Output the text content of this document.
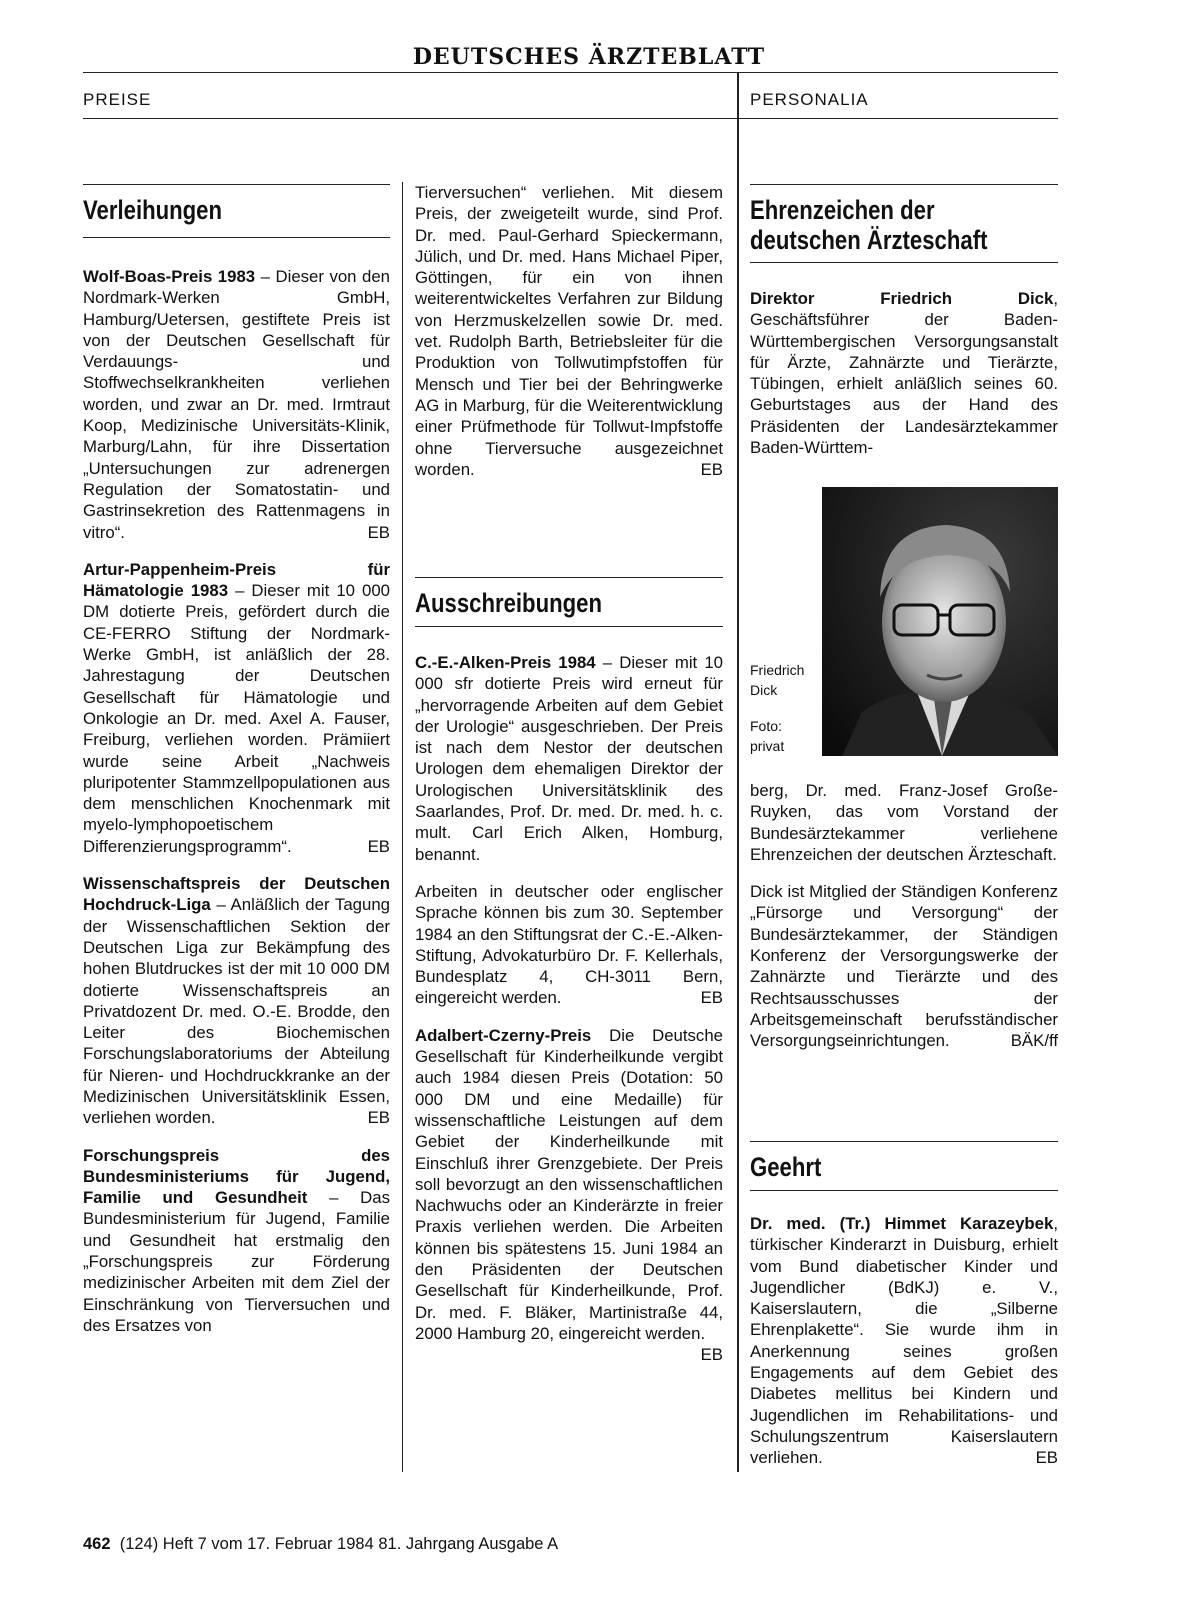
DEUTSCHES ÄRZTEBLATT
PREISE	PERSONALIA
Verleihungen

Wolf-Boas-Preis 1983 – Dieser von den Nordmark-Werken GmbH, Hamburg/Uetersen, gestiftete Preis ist von der Deutschen Gesellschaft für Verdauungs- und Stoffwechselkrankheiten verliehen worden, und zwar an Dr. med. Irmtraut Koop, Medizinische Universitäts-Klinik, Marburg/Lahn, für ihre Dissertation „Untersuchungen zur adrenergen Regulation der Somatostatin- und Gastrinsekretion des Rattenmagens in vitro“.	EB

Artur-Pappenheim-Preis für Hämatologie 1983 – Dieser mit 10 000 DM dotierte Preis, gefördert durch die CE-FERRO Stiftung der Nordmark-Werke GmbH, ist anläßlich der 28. Jahrestagung der Deutschen Gesellschaft für Hämatologie und Onkologie an Dr. med. Axel A. Fauser, Freiburg, verliehen worden. Prämiiert wurde seine Arbeit „Nachweis pluripotenter Stammzellpopulationen aus dem menschlichen Knochenmark mit myelo-lymphopoetischem Differenzierungsprogramm“.	EB

Wissenschaftspreis der Deutschen Hochdruck-Liga – Anläßlich der Tagung der Wissenschaftlichen Sektion der Deutschen Liga zur Bekämpfung des hohen Blutdruckes ist der mit 10 000 DM dotierte Wissenschaftspreis an Privatdozent Dr. med. O.-E. Brodde, den Leiter des Biochemischen Forschungslaboratoriums der Abteilung für Nieren- und Hochdruckkranke an der Medizinischen Universitätsklinik Essen, verliehen worden.	EB

Forschungspreis des Bundesministeriums für Jugend, Familie und Gesundheit – Das Bundesministerium für Jugend, Familie und Gesundheit hat erstmalig den „Forschungspreis zur Förderung medizinischer Arbeiten mit dem Ziel der Einschränkung von Tierversuchen und des Ersatzes von

Tierversuchen“ verliehen. Mit diesem Preis, der zweigeteilt wurde, sind Prof. Dr. med. Paul-Gerhard Spieckermann, Jülich, und Dr. med. Hans Michael Piper, Göttingen, für ein von ihnen weiterentwickeltes Verfahren zur Bildung von Herzmuskelzellen sowie Dr. med. vet. Rudolph Barth, Betriebsleiter für die Produktion von Tollwutimpfstoffen für Mensch und Tier bei der Behringwerke AG in Marburg, für die Weiterentwicklung einer Prüfmethode für Tollwut-Impfstoffe ohne Tierversuche ausgezeichnet worden.	EB

Ausschreibungen

C.-E.-Alken-Preis 1984 – Dieser mit 10 000 sfr dotierte Preis wird erneut für „hervorragende Arbeiten auf dem Gebiet der Urologie“ ausgeschrieben. Der Preis ist nach dem Nestor der deutschen Urologen dem ehemaligen Direktor der Urologischen Universitätsklinik des Saarlandes, Prof. Dr. med. Dr. med. h. c. mult. Carl Erich Alken, Homburg, benannt.

Arbeiten in deutscher oder englischer Sprache können bis zum 30. September 1984 an den Stiftungsrat der C.-E.-Alken-Stiftung, Advokaturbüro Dr. F. Kellerhals, Bundesplatz 4, CH-3011 Bern, eingereicht werden.	EB

Adalbert-Czerny-Preis Die Deutsche Gesellschaft für Kinderheilkunde vergibt auch 1984 diesen Preis (Dotation: 50 000 DM und eine Medaille) für wissenschaftliche Leistungen auf dem Gebiet der Kinderheilkunde mit Einschluß ihrer Grenzgebiete. Der Preis soll bevorzugt an den wissenschaftlichen Nachwuchs oder an Kinderärzte in freier Praxis verliehen werden. Die Arbeiten können bis spätestens 15. Juni 1984 an den Präsidenten der Deutschen Gesellschaft für Kinderheilkunde, Prof. Dr. med. F. Bläker, Martinistraße 44, 2000 Hamburg 20, eingereicht werden.
EB

Ehrenzeichen der
deutschen Ärzteschaft

Direktor Friedrich Dick, Geschäftsführer der Baden-Württembergischen Versorgungsanstalt für Ärzte, Zahnärzte und Tierärzte, Tübingen, erhielt anläßlich seines 60. Geburtstages aus der Hand des Präsidenten der Landesärztekammer Baden-Württem-

Friedrich
Dick
Foto:
privat

berg, Dr. med. Franz-Josef Große-Ruyken, das vom Vorstand der Bundesärztekammer verliehene Ehrenzeichen der deutschen Ärzteschaft.

Dick ist Mitglied der Ständigen Konferenz „Fürsorge und Versorgung“ der Bundesärztekammer, der Ständigen Konferenz der Versorgungswerke der Zahnärzte und Tierärzte und des Rechtsausschusses der Arbeitsgemeinschaft berufsständischer Versorgungseinrichtungen.	BÄK/ff

Geehrt

Dr. med. (Tr.) Himmet Karazeybek, türkischer Kinderarzt in Duisburg, erhielt vom Bund diabetischer Kinder und Jugendlicher (BdKJ) e. V., Kaiserslautern, die „Silberne Ehrenplakette“. Sie wurde ihm in Anerkennung seines großen Engagements auf dem Gebiet des Diabetes mellitus bei Kindern und Jugendlichen im Rehabilitations- und Schulungszentrum Kaiserslautern verliehen.	EB

462 (124) Heft 7 vom 17. Februar 1984 81. Jahrgang Ausgabe A
